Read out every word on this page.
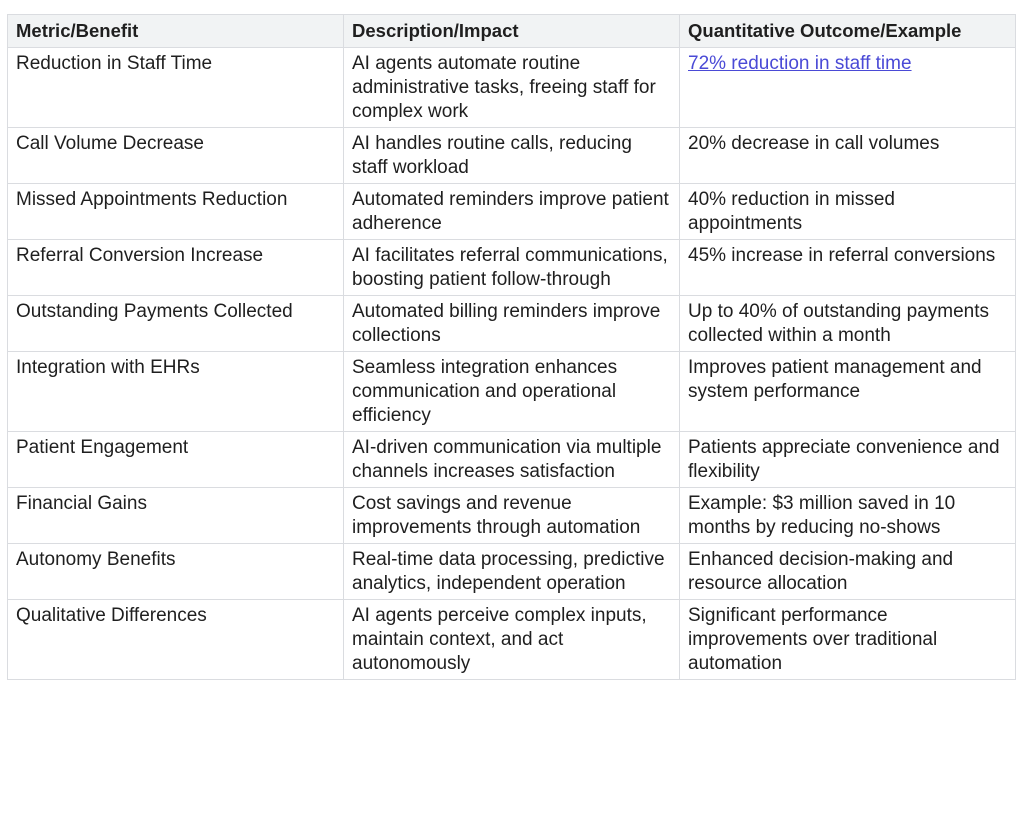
Metric/Benefit	Description/Impact	Quantitative Outcome/Example
Reduction in Staff Time	AI agents automate routine administrative tasks, freeing staff for complex work	72% reduction in staff time
Call Volume Decrease	AI handles routine calls, reducing staff workload	20% decrease in call volumes
Missed Appointments Reduction	Automated reminders improve patient adherence	40% reduction in missed appointments
Referral Conversion Increase	AI facilitates referral communications, boosting patient follow-through	45% increase in referral conversions
Outstanding Payments Collected	Automated billing reminders improve collections	Up to 40% of outstanding payments collected within a month
Integration with EHRs	Seamless integration enhances communication and operational efficiency	Improves patient management and system performance
Patient Engagement	AI-driven communication via multiple channels increases satisfaction	Patients appreciate convenience and flexibility
Financial Gains	Cost savings and revenue improvements through automation	Example: $3 million saved in 10 months by reducing no-shows
Autonomy Benefits	Real-time data processing, predictive analytics, independent operation	Enhanced decision-making and resource allocation
Qualitative Differences	AI agents perceive complex inputs, maintain context, and act autonomously	Significant performance improvements over traditional automation
